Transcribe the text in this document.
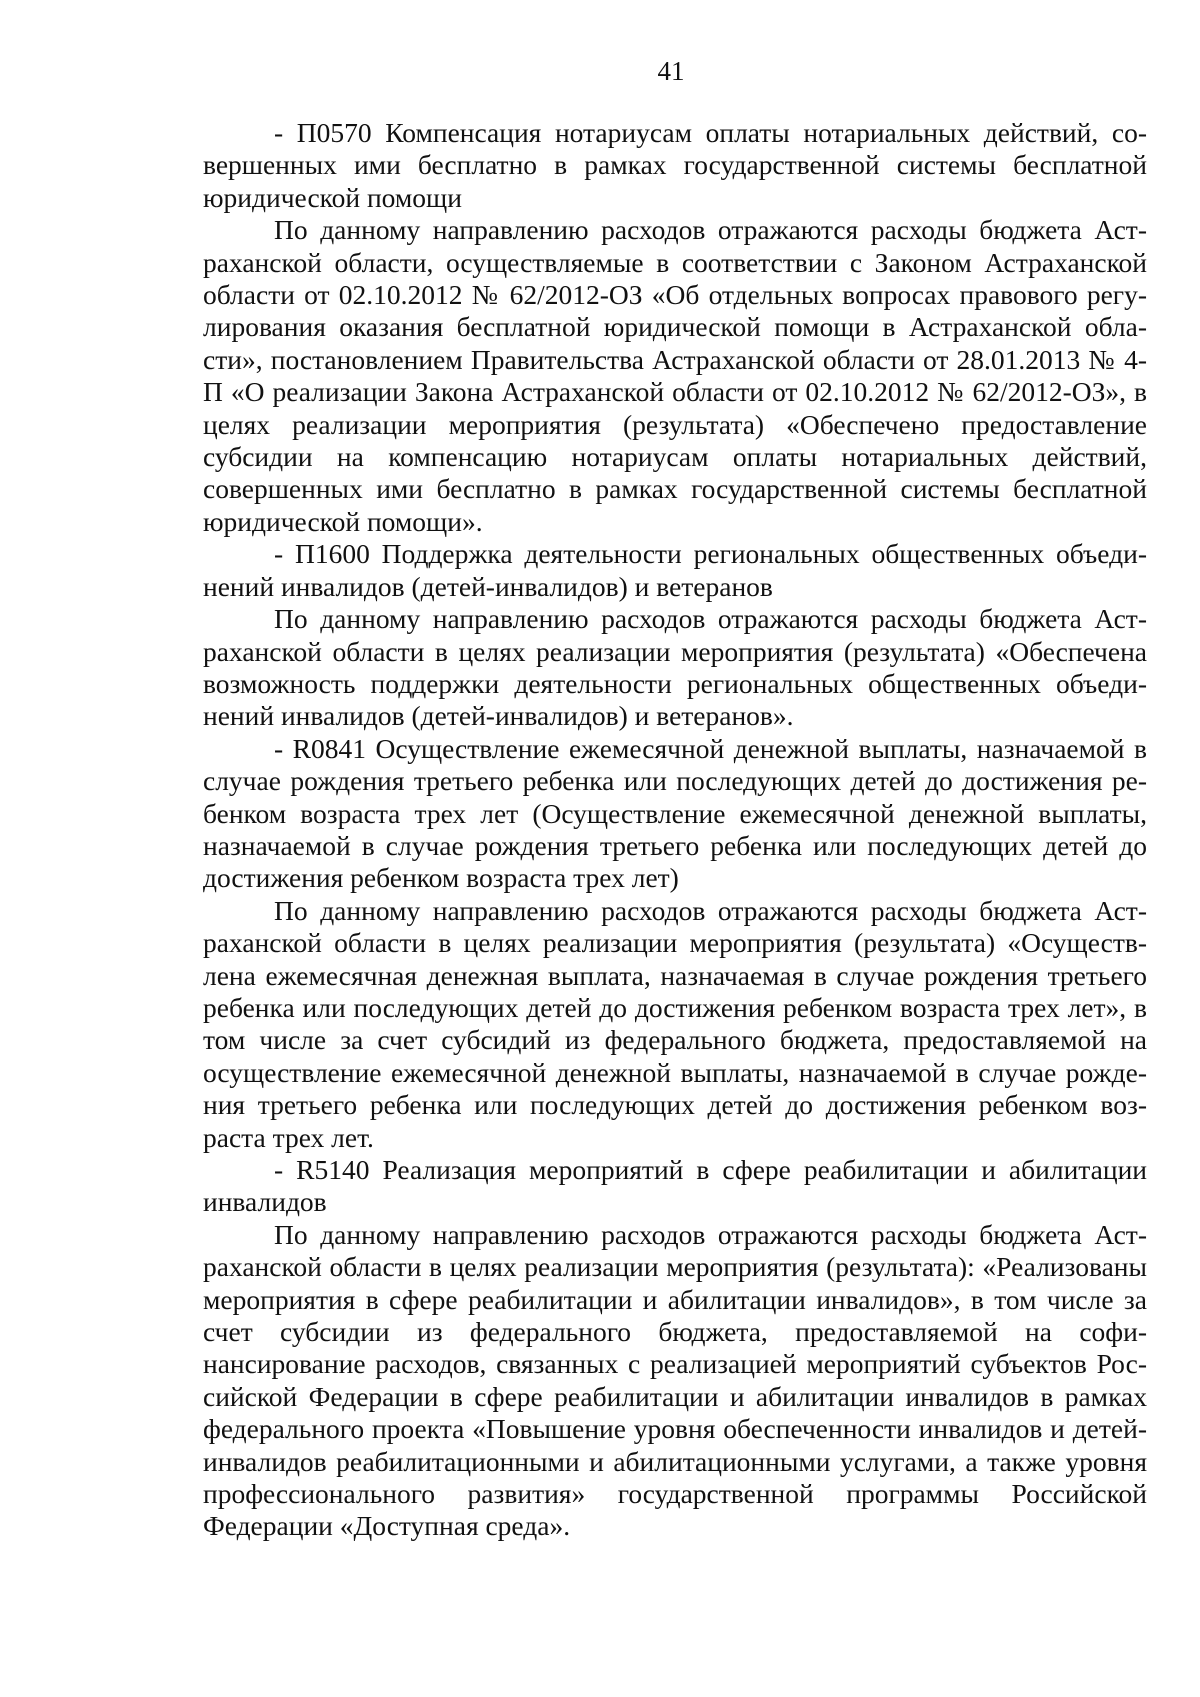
41

- П0570 Компенсация нотариусам оплаты нотариальных действий, совершенных ими бесплатно в рамках государственной системы бесплатной юридической помощи

По данному направлению расходов отражаются расходы бюджета Астраханской области, осуществляемые в соответствии с Законом Астраханской области от 02.10.2012 № 62/2012-ОЗ «Об отдельных вопросах правового регулирования оказания бесплатной юридической помощи в Астраханской области», постановлением Правительства Астраханской области от 28.01.2013 № 4-П «О реализации Закона Астраханской области от 02.10.2012 № 62/2012-ОЗ», в целях реализации мероприятия (результата) «Обеспечено предоставление субсидии на компенсацию нотариусам оплаты нотариальных действий, совершенных ими бесплатно в рамках государственной системы бесплатной юридической помощи».

- П1600 Поддержка деятельности региональных общественных объединений инвалидов (детей-инвалидов) и ветеранов

По данному направлению расходов отражаются расходы бюджета Астраханской области в целях реализации мероприятия (результата) «Обеспечена возможность поддержки деятельности региональных общественных объединений инвалидов (детей-инвалидов) и ветеранов».

- R0841 Осуществление ежемесячной денежной выплаты, назначаемой в случае рождения третьего ребенка или последующих детей до достижения ребенком возраста трех лет (Осуществление ежемесячной денежной выплаты, назначаемой в случае рождения третьего ребенка или последующих детей до достижения ребенком возраста трех лет)

По данному направлению расходов отражаются расходы бюджета Астраханской области в целях реализации мероприятия (результата) «Осуществлена ежемесячная денежная выплата, назначаемая в случае рождения третьего ребенка или последующих детей до достижения ребенком возраста трех лет», в том числе за счет субсидий из федерального бюджета, предоставляемой на осуществление ежемесячной денежной выплаты, назначаемой в случае рождения третьего ребенка или последующих детей до достижения ребенком возраста трех лет.

- R5140 Реализация мероприятий в сфере реабилитации и абилитации инвалидов

По данному направлению расходов отражаются расходы бюджета Астраханской области в целях реализации мероприятия (результата): «Реализованы мероприятия в сфере реабилитации и абилитации инвалидов», в том числе за счет субсидии из федерального бюджета, предоставляемой на софинансирование расходов, связанных с реализацией мероприятий субъектов Российской Федерации в сфере реабилитации и абилитации инвалидов в рамках федерального проекта «Повышение уровня обеспеченности инвалидов и детей-инвалидов реабилитационными и абилитационными услугами, а также уровня профессионального развития» государственной программы Российской Федерации «Доступная среда».
